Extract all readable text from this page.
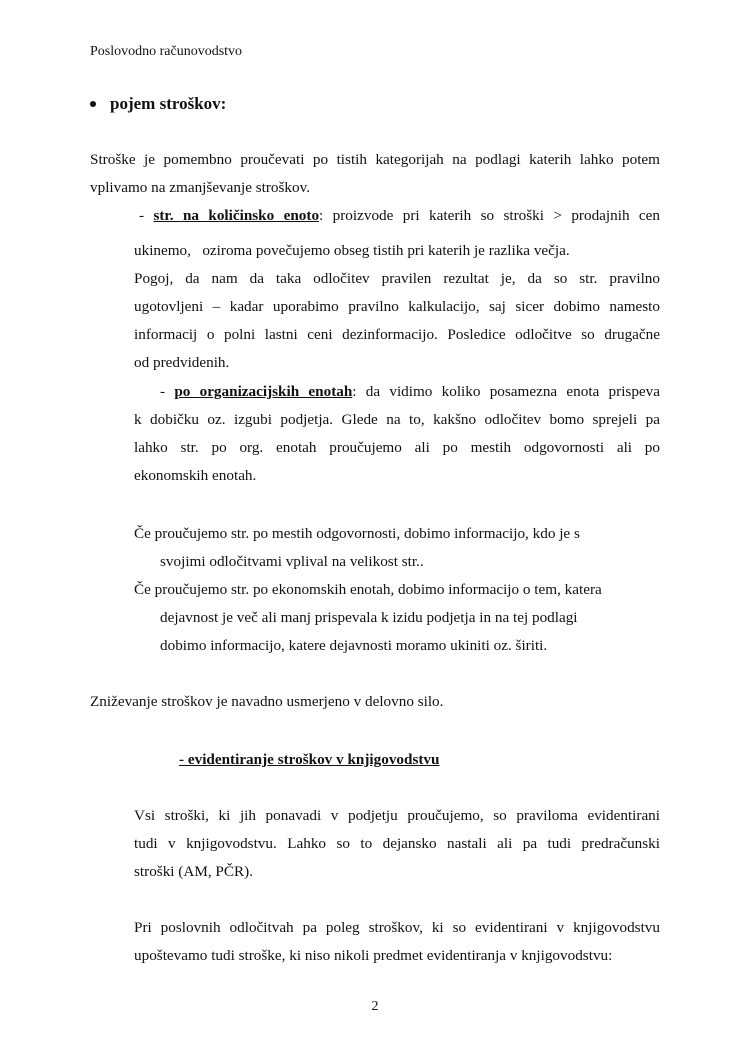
Poslovodno računovodstvo
pojem stroškov:
Stroške je pomembno proučevati po tistih kategorijah na podlagi katerih lahko potem
vplivamo na zmanjševanje stroškov.
- str. na količinsko enoto: proizvode pri katerih so stroški > prodajnih cen
ukinemo,   oziroma povečujemo obseg tistih pri katerih je razlika večja.
Pogoj, da nam da taka odločitev pravilen rezultat je, da so str. pravilno
ugotovljeni – kadar uporabimo pravilno kalkulacijo, saj sicer dobimo namesto
informacij o polni lastni ceni dezinformacijo. Posledice odločitve so drugačne
od predvidenih.
- po organizacijskih enotah: da vidimo koliko posamezna enota prispeva
k dobičku oz. izgubi podjetja. Glede na to, kakšno odločitev bomo sprejeli pa
lahko str. po org. enotah proučujemo ali po mestih odgovornosti ali po
ekonomskih enotah.
Če proučujemo str. po mestih odgovornosti, dobimo informacijo, kdo je s
svojimi odločitvami vplival na velikost str..
Če proučujemo str. po ekonomskih enotah, dobimo informacijo o tem, katera
dejavnost je več ali manj prispevala k izidu podjetja in na tej podlagi
dobimo informacijo, katere dejavnosti moramo ukiniti oz. širiti.
Zniževanje stroškov je navadno usmerjeno v delovno silo.
- evidentiranje stroškov v knjigovodstvu
Vsi stroški, ki jih ponavadi v podjetju proučujemo, so praviloma evidentirani
tudi v knjigovodstvu. Lahko so to dejansko nastali ali pa tudi predračunski
stroški (AM, PČR).
Pri poslovnih odločitvah pa poleg stroškov, ki so evidentirani v knjigovodstvu
upoštevamo tudi stroške, ki niso nikoli predmet evidentiranja v knjigovodstvu:
2
